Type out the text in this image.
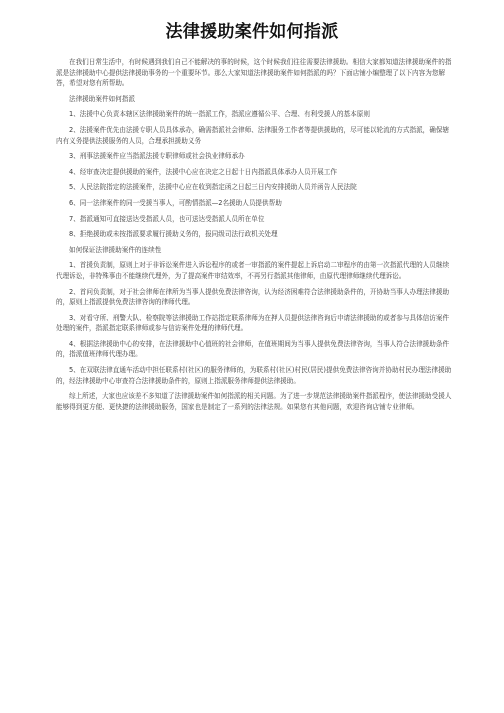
法律援助案件如何指派

在我们日常生活中，有时候遇到我们自己不能解决的事的时候，这个时候我们往往需要法律援助。相信大家都知道法律援助案件的指派是法律援助中心提供法律援助事务的一个重要环节。那么大家知道法律援助案件如何指派的吗？下面店铺小编整理了以下内容为您解答，希望对您有所帮助。

法律援助案件如何指派

1、法援中心负责本辖区法律援助案件的统一指派工作，指派应遵循公平、合理、有利受援人的基本原则

2、法援案件优先由法援专职人员具体承办，确需指派社会律师、法律服务工作者等提供援助的，尽可能以轮流的方式指派，确保辖内有义务提供法援服务的人员，合理承担援助义务

3、刑事法援案件应当指派法援专职律师或社会执业律师承办

4、经审查决定提供援助的案件，法援中心应在决定之日起十日内指派具体承办人员开展工作

5、人民法院指定的法援案件，法援中心应在收到指定函之日起三日内安排援助人员并函告人民法院

6、同一法律案件的同一受援当事人，可酌情指派—2名援助人员提供帮助

7、指派通知可直接送达受指派人员，也可送达受指派人员所在单位

8、拒绝援助或未按指派要求履行援助义务的，报同级司法行政机关处理

如何保证法律援助案件的连续性

1、首援负责制，原则上对于非诉讼案件进入诉讼程序的或者一审指派的案件提起上诉启动二审程序的由第一次指派代理的人员继续代理诉讼，非特殊事由不能继续代理外，为了提高案件审结效率，不再另行指派其他律师，由原代理律师继续代理诉讼。

2、首问负责制，对于社会律师在律所为当事人提供免费法律咨询，认为经济困难符合法律援助条件的，开协助当事人办理法律援助的，原则上指派提供免费法律咨询的律师代理。

3、对看守所、刑警大队、检察院等法律援助工作站指定联系律师为在押人员提供法律咨询后申请法律援助的或者参与具体信访案件处理的案件，指派指定联系律师或参与信访案件处理的律师代理。

4、根据法律援助中心的安排，在法律援助中心值班的社会律师，在值班期间为当事人提供免费法律咨询，当事人符合法律援助条件的，指派值班律师代理办理。

5、在双联法律直通车活动中担任联系村(社区)的服务律师的，为联系村(社区)村民(居民)提供免费法律咨询并协助村民办理法律援助的，经法律援助中心审查符合法律援助条件的，原则上指派服务律师提供法律援助。

综上所述，大家也应该差不多知道了法律援助案件如何指派的相关问题。为了进一步规范法律援助案件指派程序，使法律援助受援人能够得到更方便、更快捷的法律援助服务，国家也是制定了一系列的法律法规。如果您有其他问题，欢迎咨询店铺专业律师。
